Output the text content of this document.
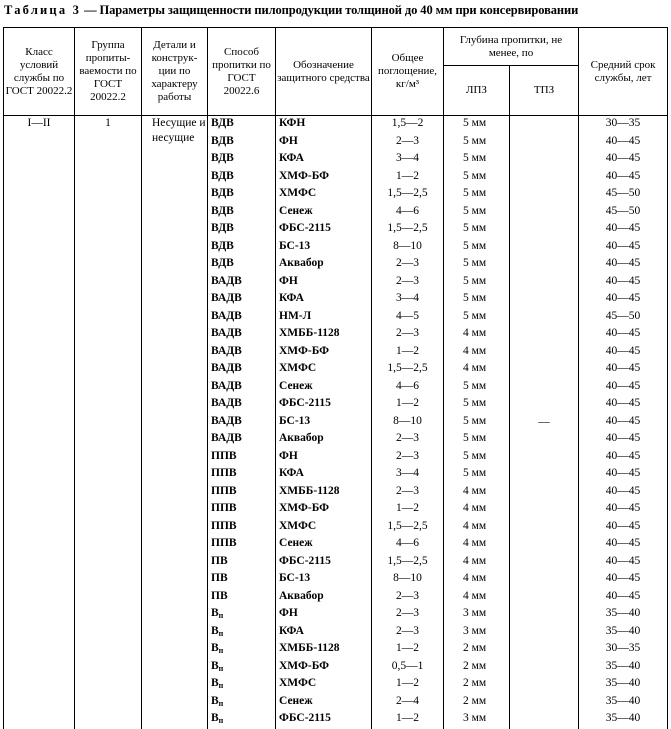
Таблица 3 — Параметры защищенности пилопродукции толщиной до 40 мм при консервировании
Класс условий службы по ГОСТ 20022.2	Группа пропиты-ваемости по ГОСТ 20022.2	Детали и конструк-ции по характеру работы	Способ пропитки по ГОСТ 20022.6	Обозначение защитного средства	Общее поглощение, кг/м³	Глубина пропитки, не менее, по		Средний срок службы, лет
						ЛПЗ	ТПЗ	
I—II	1	Несущие и несущие	ВДВ	КФН	1,5—2	5 мм	—	30—35
			ВДВ	ФН	2—3	5 мм		40—45
			ВДВ	КФА	3—4	5 мм		40—45
			ВДВ	ХМФ-БФ	1—2	5 мм		40—45
			ВДВ	ХМФС	1,5—2,5	5 мм		45—50
			ВДВ	Сенеж	4—6	5 мм		45—50
			ВДВ	ФБС-2115	1,5—2,5	5 мм		40—45
			ВДВ	БС-13	8—10	5 мм		40—45
			ВДВ	Аквабор	2—3	5 мм		40—45
			ВАДВ	ФН	2—3	5 мм		40—45
			ВАДВ	КФА	3—4	5 мм		40—45
			ВАДВ	НМ-Л	4—5	5 мм		45—50
			ВАДВ	ХМББ-1128	2—3	4 мм		40—45
			ВАДВ	ХМФ-БФ	1—2	4 мм		40—45
			ВАДВ	ХМФС	1,5—2,5	4 мм		40—45
			ВАДВ	Сенеж	4—6	5 мм		40—45
			ВАДВ	ФБС-2115	1—2	5 мм		40—45
			ВАДВ	БС-13	8—10	5 мм		40—45
			ВАДВ	Аквабор	2—3	5 мм		40—45
			ППВ	ФН	2—3	5 мм		40—45
			ППВ	КФА	3—4	5 мм		40—45
			ППВ	ХМББ-1128	2—3	4 мм		40—45
			ППВ	ХМФ-БФ	1—2	4 мм		40—45
			ППВ	ХМФС	1,5—2,5	4 мм		40—45
			ППВ	Сенеж	4—6	4 мм		40—45
			ПВ	ФБС-2115	1,5—2,5	4 мм		40—45
			ПВ	БС-13	8—10	4 мм		40—45
			ПВ	Аквабор	2—3	4 мм		40—45
			$В_п$	ФН	2—3	3 мм		35—40
			$В_п$	КФА	2—3	3 мм		35—40
			$В_п$	ХМББ-1128	1—2	2 мм		30—35
			$В_п$	ХМФ-БФ	0,5—1	2 мм		35—40
			$В_п$	ХМФС	1—2	2 мм		35—40
			$В_п$	Сенеж	2—4	2 мм		35—40
			$В_п$	ФБС-2115	1—2	3 мм		35—40
